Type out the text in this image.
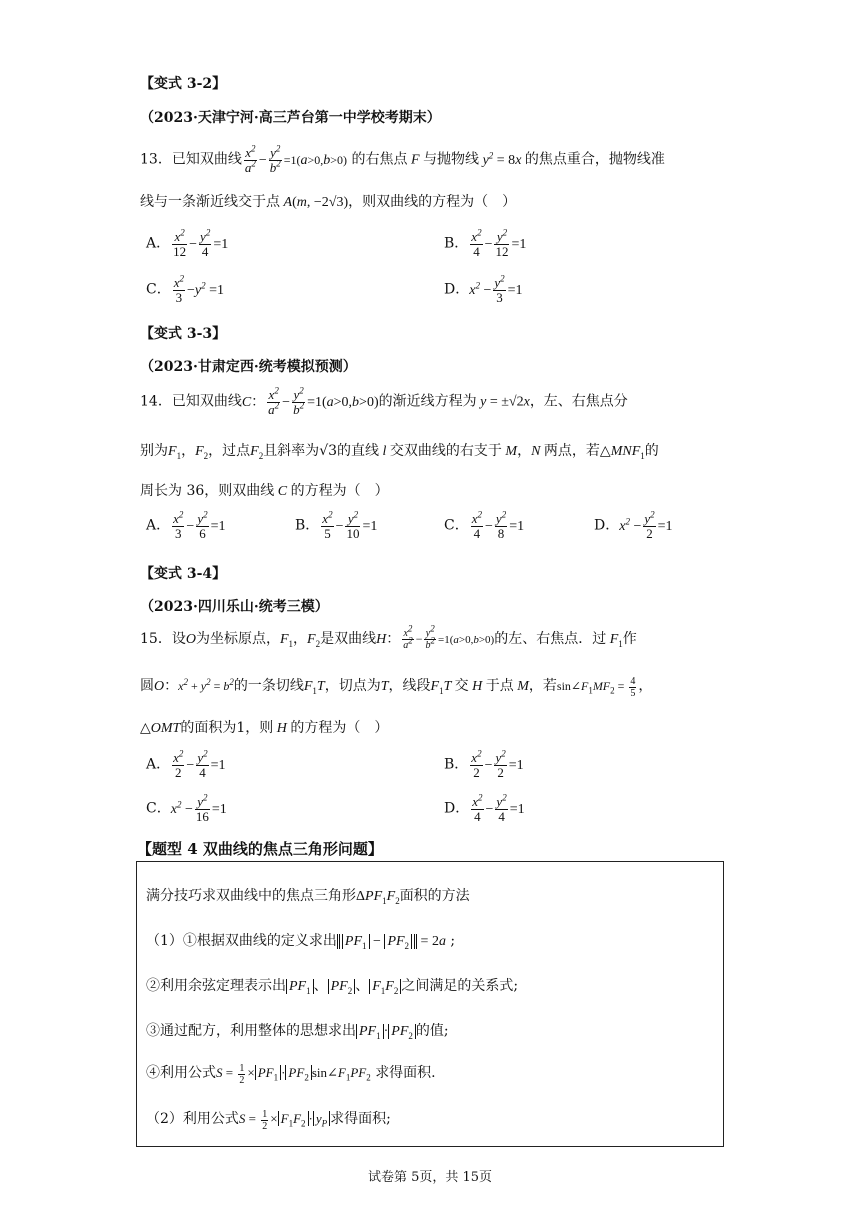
【变式 3-2】
（2023·天津宁河·高三芦台第一中学校考期末）
13．已知双曲线 $\frac{x^2}{a^2} - \frac{y^2}{b^2} =1(a>0,b>0)$ 的右焦点 F 与抛物线 $y^2 = 8x$ 的焦点重合，抛物线准
线与一条渐近线交于点 A(m, −2√3)，则双曲线的方程为（　）
A． $\frac{x^2}{12} - \frac{y^2}{4} =1$	B． $\frac{x^2}{4} - \frac{y^2}{12} =1$
C． $\frac{x^2}{3} -y^2 =1$	D．$x^2 - \frac{y^2}{3} =1$
【变式 3-3】
（2023·甘肃定西·统考模拟预测）
14．已知双曲线C： $\frac{x^2}{a^2} - \frac{y^2}{b^2} =1(a>0,b>0)$的渐近线方程为 y = ±√2x，左、右焦点分
别为$F_1$，$F_2$，过点$F_2$且斜率为√3的直线 l 交双曲线的右支于 M，N 两点，若$\triangle MNF_1$的
周长为 36，则双曲线 C 的方程为（　）
A． $\frac{x^2}{3} - \frac{y^2}{6} =1$	B． $\frac{x^2}{5} - \frac{y^2}{10} =1$	C． $\frac{x^2}{4} - \frac{y^2}{8} =1$	D．$x^2 - \frac{y^2}{2} =1$
【变式 3-4】
（2023·四川乐山·统考三模）
15．设O为坐标原点，$F_1$，$F_2$是双曲线H： $\frac{x^2}{a^2} - \frac{y^2}{b^2} =1(a>0,b>0)$的左、右焦点．过 $F_1$作
圆O：$x^2 + y^2 = b^2$的一条切线$F_1T$，切点为T，线段$F_1T$ 交 H 于点 M，若$\sin\angle F_1MF_2 = \frac{4}{5}$ ，
△OMT的面积为1，则 H 的方程为（　）
A． $\frac{x^2}{2} - \frac{y^2}{4} =1$	B． $\frac{x^2}{2} - \frac{y^2}{2} =1$
C．$x^2 - \frac{y^2}{16} =1$	D． $\frac{x^2}{4} - \frac{y^2}{4} =1$
【题型 4 双曲线的焦点三角形问题】
满分技巧求双曲线中的焦点三角形$\Delta PF_1F_2$面积的方法
（1）①根据双曲线的定义求出 $PF_1 - PF_2 = 2a$ ;
②利用余弦定理表示出 $PF_1$ 、 $PF_2$ 、 $F_1F_2$ 之间满足的关系式;
③通过配方，利用整体的思想求出 $PF_1 \cdot PF_2$ 的值;
④利用公式$S = \frac{1}{2} \times PF_1 \cdot PF_2$ $\sin\angle F_1PF_2$ 求得面积.
（2）利用公式$S = \frac{1}{2} \times F_1F_2 \cdot y_P$ 求得面积;
试卷第 5页，共 15页
